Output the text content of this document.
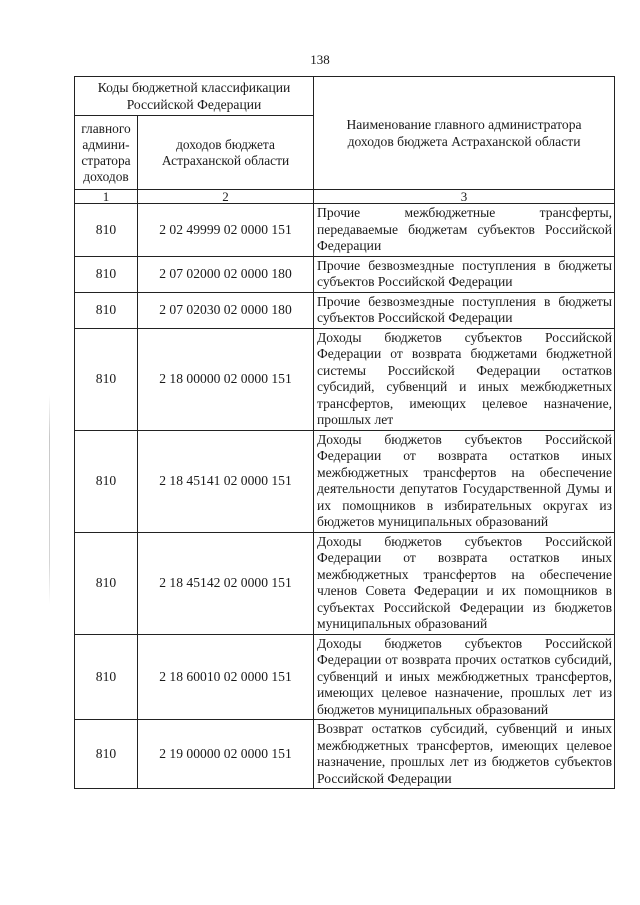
138
Коды бюджетной классификации Российской Федерации		Наименование главного администратора доходов бюджета Астраханской области
главного админи-стратора доходов	доходов бюджета Астраханской области	
1	2	3
810	2 02 49999 02 0000 151	Прочие межбюджетные трансферты, передаваемые бюджетам субъектов Российской Федерации
810	2 07 02000 02 0000 180	Прочие безвозмездные поступления в бюджеты субъектов Российской Федерации
810	2 07 02030 02 0000 180	Прочие безвозмездные поступления в бюджеты субъектов Российской Федерации
810	2 18 00000 02 0000 151	Доходы бюджетов субъектов Российской Федерации от возврата бюджетами бюджетной системы Российской Федерации остатков субсидий, субвенций и иных межбюджетных трансфертов, имеющих целевое назначение, прошлых лет
810	2 18 45141 02 0000 151	Доходы бюджетов субъектов Российской Федерации от возврата остатков иных межбюджетных трансфертов на обеспечение деятельности депутатов Государственной Думы и их помощников в избирательных округах из бюджетов муниципальных образований
810	2 18 45142 02 0000 151	Доходы бюджетов субъектов Российской Федерации от возврата остатков иных межбюджетных трансфертов на обеспечение членов Совета Федерации и их помощников в субъектах Российской Федерации из бюджетов муниципальных образований
810	2 18 60010 02 0000 151	Доходы бюджетов субъектов Российской Федерации от возврата прочих остатков субсидий, субвенций и иных межбюджетных трансфертов, имеющих целевое назначение, прошлых лет из бюджетов муниципальных образований
810	2 19 00000 02 0000 151	Возврат остатков субсидий, субвенций и иных межбюджетных трансфертов, имеющих целевое назначение, прошлых лет из бюджетов субъектов Российской Федерации
